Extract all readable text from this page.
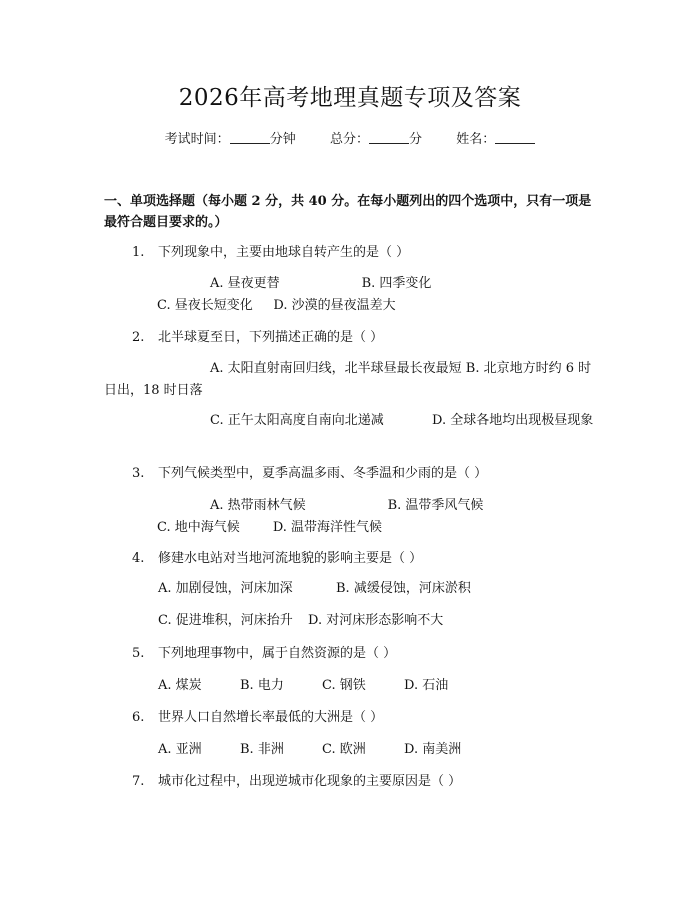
2026年高考地理真题专项及答案
考试时间：	分钟	总分：	分	姓名：
一、单项选择题（每小题 2 分，共 40 分。在每小题列出的四个选项中，只有一项是最符合题目要求的。）
1. 下列现象中，主要由地球自转产生的是（ ）
A. 昼夜更替	B. 四季变化       C. 昼夜长短变化 D. 沙漠的昼夜温差大
2. 北半球夏至日，下列描述正确的是（ ）
A. 太阳直射南回归线，北半球昼最长夜最短 B. 北京地方时约 6 时日出，18 时日落
C. 正午太阳高度自南向北递减	D. 全球各地均出现极昼现象
3. 下列气候类型中，夏季高温多雨、冬季温和少雨的是（ ）
A. 热带雨林气候	B. 温带季风气候       C. 地中海气候	D. 温带海洋性气候
4. 修建水电站对当地河流地貌的影响主要是（ ）
A. 加剧侵蚀，河床加深	B. 减缓侵蚀，河床淤积
C. 促进堆积，河床抬升 D. 对河床形态影响不大
5. 下列地理事物中，属于自然资源的是（ ）
A. 煤炭	B. 电力	C. 钢铁	D. 石油
6. 世界人口自然增长率最低的大洲是（ ）
A. 亚洲	B. 非洲	C. 欧洲	D. 南美洲
7. 城市化过程中，出现逆城市化现象的主要原因是（ ）
